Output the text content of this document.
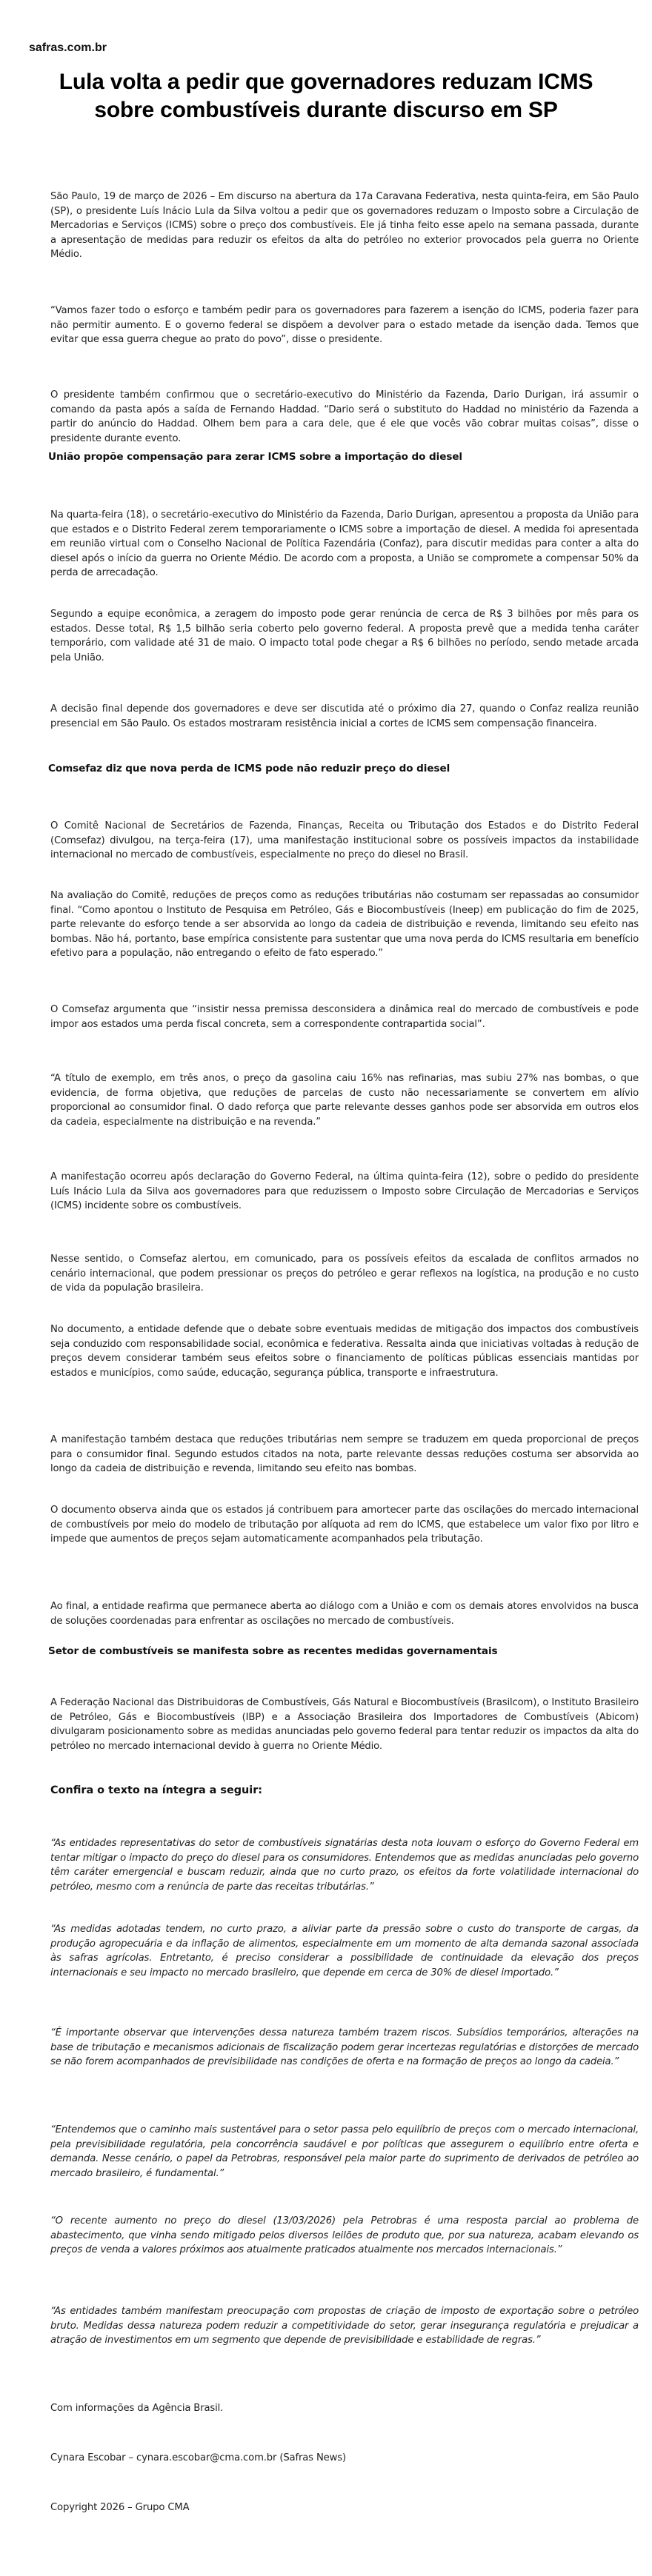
safras.com.br
Lula volta a pedir que governadores reduzam ICMS sobre combustíveis durante discurso em SP

São Paulo, 19 de março de 2026 – Em discurso na abertura da 17a Caravana Federativa, nesta quinta-feira, em São Paulo (SP), o presidente Luís Inácio Lula da Silva voltou a pedir que os governadores reduzam o Imposto sobre a Circulação de Mercadorias e Serviços (ICMS) sobre o preço dos combustíveis. Ele já tinha feito esse apelo na semana passada, durante a apresentação de medidas para reduzir os efeitos da alta do petróleo no exterior provocados pela guerra no Oriente Médio.

“Vamos fazer todo o esforço e também pedir para os governadores para fazerem a isenção do ICMS, poderia fazer para não permitir aumento. E o governo federal se dispõem a devolver para o estado metade da isenção dada. Temos que evitar que essa guerra chegue ao prato do povo”, disse o presidente.

O presidente também confirmou que o secretário-executivo do Ministério da Fazenda, Dario Durigan, irá assumir o comando da pasta após a saída de Fernando Haddad. “Dario será o substituto do Haddad no ministério da Fazenda a partir do anúncio do Haddad. Olhem bem para a cara dele, que é ele que vocês vão cobrar muitas coisas”, disse o presidente durante evento.

União propõe compensação para zerar ICMS sobre a importação do diesel

Na quarta-feira (18), o secretário-executivo do Ministério da Fazenda, Dario Durigan, apresentou a proposta da União para que estados e o Distrito Federal zerem temporariamente o ICMS sobre a importação de diesel. A medida foi apresentada em reunião virtual com o Conselho Nacional de Política Fazendária (Confaz), para discutir medidas para conter a alta do diesel após o início da guerra no Oriente Médio. De acordo com a proposta, a União se compromete a compensar 50% da perda de arrecadação.

Segundo a equipe econômica, a zeragem do imposto pode gerar renúncia de cerca de R$ 3 bilhões por mês para os estados. Desse total, R$ 1,5 bilhão seria coberto pelo governo federal. A proposta prevê que a medida tenha caráter temporário, com validade até 31 de maio. O impacto total pode chegar a R$ 6 bilhões no período, sendo metade arcada pela União.

A decisão final depende dos governadores e deve ser discutida até o próximo dia 27, quando o Confaz realiza reunião presencial em São Paulo. Os estados mostraram resistência inicial a cortes de ICMS sem compensação financeira.

Comsefaz diz que nova perda de ICMS pode não reduzir preço do diesel

O Comitê Nacional de Secretários de Fazenda, Finanças, Receita ou Tributação dos Estados e do Distrito Federal (Comsefaz) divulgou, na terça-feira (17), uma manifestação institucional sobre os possíveis impactos da instabilidade internacional no mercado de combustíveis, especialmente no preço do diesel no Brasil.

Na avaliação do Comitê, reduções de preços como as reduções tributárias não costumam ser repassadas ao consumidor final. “Como apontou o Instituto de Pesquisa em Petróleo, Gás e Biocombustíveis (Ineep) em publicação do fim de 2025, parte relevante do esforço tende a ser absorvida ao longo da cadeia de distribuição e revenda, limitando seu efeito nas bombas. Não há, portanto, base empírica consistente para sustentar que uma nova perda do ICMS resultaria em benefício efetivo para a população, não entregando o efeito de fato esperado.”

O Comsefaz argumenta que “insistir nessa premissa desconsidera a dinâmica real do mercado de combustíveis e pode impor aos estados uma perda fiscal concreta, sem a correspondente contrapartida social”.

“A título de exemplo, em três anos, o preço da gasolina caiu 16% nas refinarias, mas subiu 27% nas bombas, o que evidencia, de forma objetiva, que reduções de parcelas de custo não necessariamente se convertem em alívio proporcional ao consumidor final. O dado reforça que parte relevante desses ganhos pode ser absorvida em outros elos da cadeia, especialmente na distribuição e na revenda.”

A manifestação ocorreu após declaração do Governo Federal, na última quinta-feira (12), sobre o pedido do presidente Luís Inácio Lula da Silva aos governadores para que reduzissem o Imposto sobre Circulação de Mercadorias e Serviços (ICMS) incidente sobre os combustíveis.

Nesse sentido, o Comsefaz alertou, em comunicado, para os possíveis efeitos da escalada de conflitos armados no cenário internacional, que podem pressionar os preços do petróleo e gerar reflexos na logística, na produção e no custo de vida da população brasileira.

No documento, a entidade defende que o debate sobre eventuais medidas de mitigação dos impactos dos combustíveis seja conduzido com responsabilidade social, econômica e federativa. Ressalta ainda que iniciativas voltadas à redução de preços devem considerar também seus efeitos sobre o financiamento de políticas públicas essenciais mantidas por estados e municípios, como saúde, educação, segurança pública, transporte e infraestrutura.

A manifestação também destaca que reduções tributárias nem sempre se traduzem em queda proporcional de preços para o consumidor final. Segundo estudos citados na nota, parte relevante dessas reduções costuma ser absorvida ao longo da cadeia de distribuição e revenda, limitando seu efeito nas bombas.

O documento observa ainda que os estados já contribuem para amortecer parte das oscilações do mercado internacional de combustíveis por meio do modelo de tributação por alíquota ad rem do ICMS, que estabelece um valor fixo por litro e impede que aumentos de preços sejam automaticamente acompanhados pela tributação.

Ao final, a entidade reafirma que permanece aberta ao diálogo com a União e com os demais atores envolvidos na busca de soluções coordenadas para enfrentar as oscilações no mercado de combustíveis.

Setor de combustíveis se manifesta sobre as recentes medidas governamentais

A Federação Nacional das Distribuidoras de Combustíveis, Gás Natural e Biocombustíveis (Brasilcom), o Instituto Brasileiro de Petróleo, Gás e Biocombustíveis (IBP) e a Associação Brasileira dos Importadores de Combustíveis (Abicom) divulgaram posicionamento sobre as medidas anunciadas pelo governo federal para tentar reduzir os impactos da alta do petróleo no mercado internacional devido à guerra no Oriente Médio.

Confira o texto na íntegra a seguir:
“As entidades representativas do setor de combustíveis signatárias desta nota louvam o esforço do Governo Federal em tentar mitigar o impacto do preço do diesel para os consumidores. Entendemos que as medidas anunciadas pelo governo têm caráter emergencial e buscam reduzir, ainda que no curto prazo, os efeitos da forte volatilidade internacional do petróleo, mesmo com a renúncia de parte das receitas tributárias.”
“As medidas adotadas tendem, no curto prazo, a aliviar parte da pressão sobre o custo do transporte de cargas, da produção agropecuária e da inflação de alimentos, especialmente em um momento de alta demanda sazonal associada às safras agrícolas. Entretanto, é preciso considerar a possibilidade de continuidade da elevação dos preços internacionais e seu impacto no mercado brasileiro, que depende em cerca de 30% de diesel importado.”
“É importante observar que intervenções dessa natureza também trazem riscos. Subsídios temporários, alterações na base de tributação e mecanismos adicionais de fiscalização podem gerar incertezas regulatórias e distorções de mercado se não forem acompanhados de previsibilidade nas condições de oferta e na formação de preços ao longo da cadeia.”
“Entendemos que o caminho mais sustentável para o setor passa pelo equilíbrio de preços com o mercado internacional, pela previsibilidade regulatória, pela concorrência saudável e por políticas que assegurem o equilíbrio entre oferta e demanda. Nesse cenário, o papel da Petrobras, responsável pela maior parte do suprimento de derivados de petróleo ao mercado brasileiro, é fundamental.”
“O recente aumento no preço do diesel (13/03/2026) pela Petrobras é uma resposta parcial ao problema de abastecimento, que vinha sendo mitigado pelos diversos leilões de produto que, por sua natureza, acabam elevando os preços de venda a valores próximos aos atualmente praticados atualmente nos mercados internacionais.”
“As entidades também manifestam preocupação com propostas de criação de imposto de exportação sobre o petróleo bruto. Medidas dessa natureza podem reduzir a competitividade do setor, gerar insegurança regulatória e prejudicar a atração de investimentos em um segmento que depende de previsibilidade e estabilidade de regras.”
Com informações da Agência Brasil.
Cynara Escobar – cynara.escobar@cma.com.br (Safras News)
Copyright 2026 – Grupo CMA
